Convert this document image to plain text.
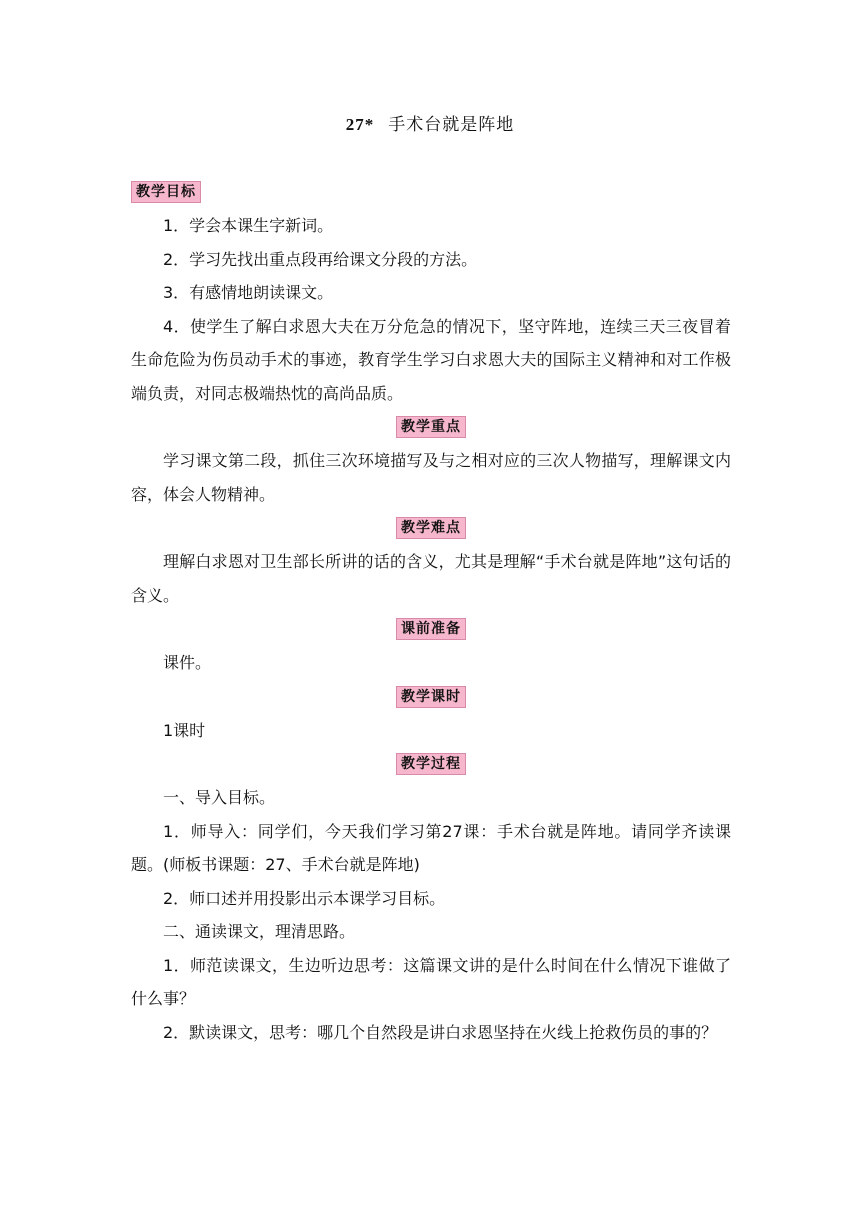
27* 手术台就是阵地
教学目标

1．学会本课生字新词。

2．学习先找出重点段再给课文分段的方法。

3．有感情地朗读课文。

4．使学生了解白求恩大夫在万分危急的情况下，坚守阵地，连续三天三夜冒着生命危险为伤员动手术的事迹，教育学生学习白求恩大夫的国际主义精神和对工作极端负责，对同志极端热忱的高尚品质。

教学重点

学习课文第二段，抓住三次环境描写及与之相对应的三次人物描写，理解课文内容，体会人物精神。

教学难点

理解白求恩对卫生部长所讲的话的含义，尤其是理解“手术台就是阵地”这句话的含义。

课前准备

课件。

教学课时

1课时

教学过程

一、导入目标。

1．师导入：同学们，今天我们学习第27课：手术台就是阵地。请同学齐读课题。(师板书课题：27、手术台就是阵地)

2．师口述并用投影出示本课学习目标。

二、通读课文，理清思路。

1．师范读课文，生边听边思考：这篇课文讲的是什么时间在什么情况下谁做了什么事？

2．默读课文，思考：哪几个自然段是讲白求恩坚持在火线上抢救伤员的事的？
